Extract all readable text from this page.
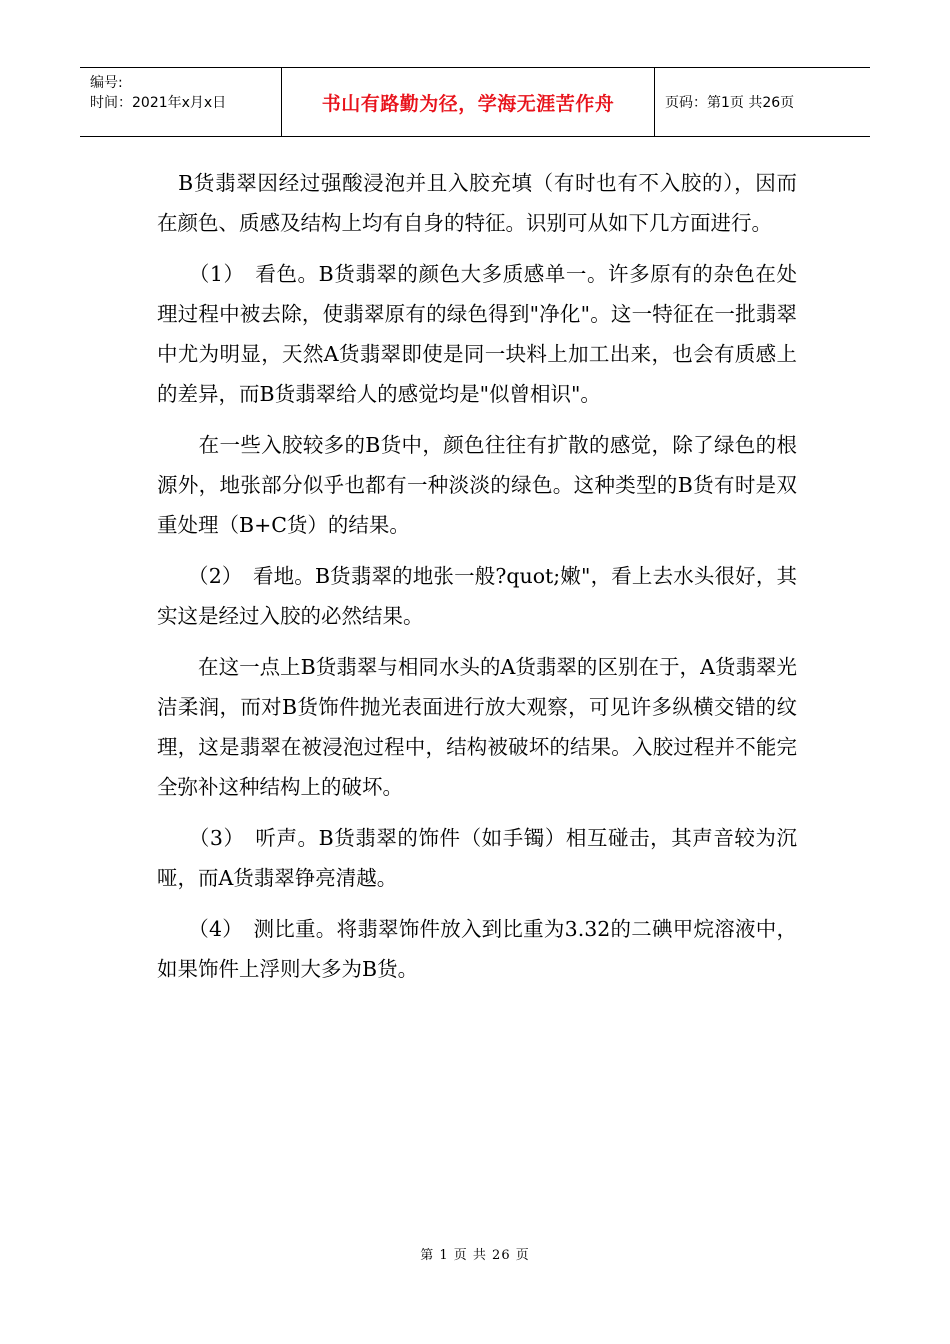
编号:
时间：2021年x月x日	书山有路勤为径，学海无涯苦作舟	页码：第1页 共26页

　B货翡翠因经过强酸浸泡并且入胶充填（有时也有不入胶的），因而在颜色、质感及结构上均有自身的特征。识别可从如下几方面进行。

　　（1）　看色。B货翡翠的颜色大多质感单一。许多原有的杂色在处理过程中被去除，使翡翠原有的绿色得到"净化"。这一特征在一批翡翠中尤为明显，天然A货翡翠即使是同一块料上加工出来，也会有质感上的差异，而B货翡翠给人的感觉均是"似曾相识"。

　　在一些入胶较多的B货中，颜色往往有扩散的感觉，除了绿色的根源外，地张部分似乎也都有一种淡淡的绿色。这种类型的B货有时是双重处理（B+C货）的结果。

　　（2）　看地。B货翡翠的地张一般?quot;嫩"，看上去水头很好，其实这是经过入胶的必然结果。

　　在这一点上B货翡翠与相同水头的A货翡翠的区别在于，A货翡翠光洁柔润，而对B货饰件抛光表面进行放大观察，可见许多纵横交错的纹理，这是翡翠在被浸泡过程中，结构被破坏的结果。入胶过程并不能完全弥补这种结构上的破坏。

　　（3）　听声。B货翡翠的饰件（如手镯）相互碰击，其声音较为沉哑，而A货翡翠铮亮清越。

　　（4）　测比重。将翡翠饰件放入到比重为3.32的二碘甲烷溶液中，如果饰件上浮则大多为B货。

第 1 页 共 26 页
